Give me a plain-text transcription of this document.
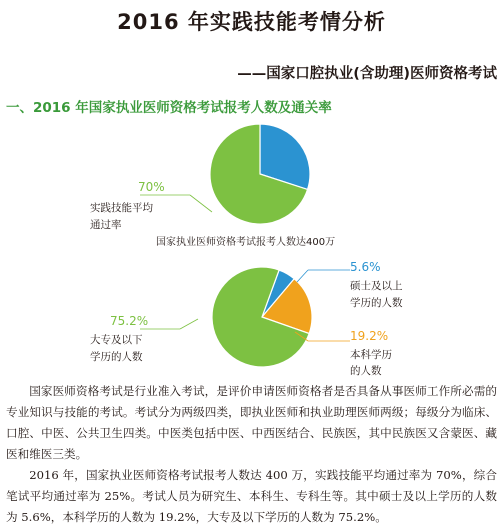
2016 年实践技能考情分析
——国家口腔执业(含助理)医师资格考试
一、2016 年国家执业医师资格考试报考人数及通关率
70%
实践技能平均
通过率
国家执业医师资格考试报考人数达400万
5.6%
硕士及以上
学历的人数
19.2%
本科学历
的人数
75.2%
大专及以下
学历的人数

国家医师资格考试是行业准入考试，是评价申请医师资格者是否具备从事医师工作所必需的专业知识与技能的考试。考试分为两级四类，即执业医师和执业助理医师两级；每级分为临床、口腔、中医、公共卫生四类。中医类包括中医、中西医结合、民族医，其中民族医又含蒙医、藏医和维医三类。

2016 年，国家执业医师资格考试报考人数达 400 万，实践技能平均通过率为 70%，综合笔试平均通过率为 25%。考试人员为研究生、本科生、专科生等。其中硕士及以上学历的人数为 5.6%，本科学历的人数为 19.2%，大专及以下学历的人数为 75.2%。
